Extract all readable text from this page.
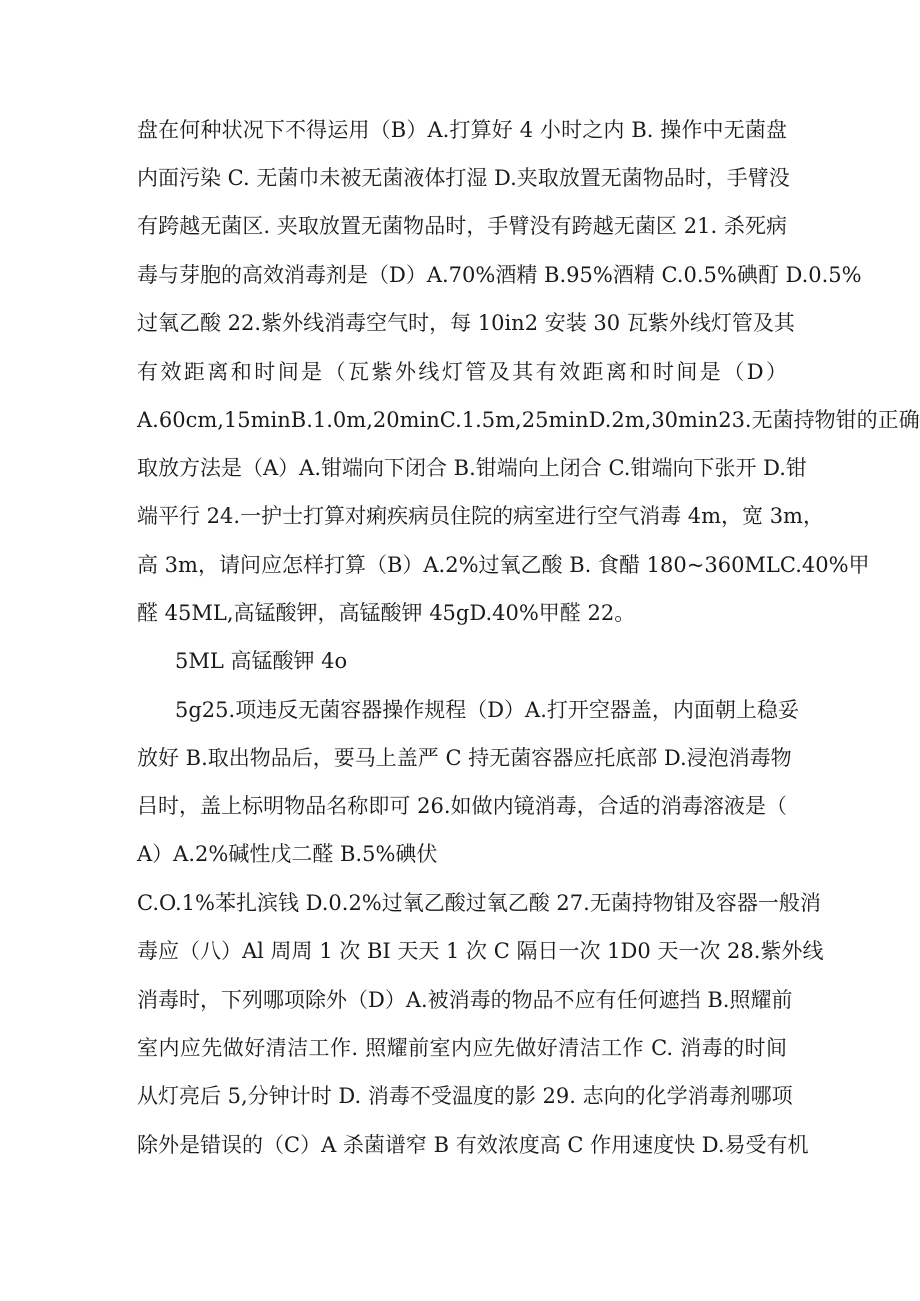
盘在何种状况下不得运用（B）A.打算好 4 小时之内 B. 操作中无菌盘
内面污染 C. 无菌巾未被无菌液体打湿 D.夹取放置无菌物品时，手臂没
有跨越无菌区. 夹取放置无菌物品时，手臂没有跨越无菌区 21. 杀死病
毒与芽胞的高效消毒剂是（D）A.70%酒精 B.95%酒精 C.0.5%碘酊 D.0.5%
过氧乙酸 22.紫外线消毒空气时，每 10in2 安装 30 瓦紫外线灯管及其
有效距离和时间是（瓦紫外线灯管及其有效距离和时间是（D）
A.60cm,15minB.1.0m,20minC.1.5m,25minD.2m,30min23.无菌持物钳的正确
取放方法是（A）A.钳端向下闭合 B.钳端向上闭合 C.钳端向下张开 D.钳
端平行 24.一护士打算对痢疾病员住院的病室进行空气消毒 4m，宽 3m，
高 3m，请问应怎样打算（B）A.2%过氧乙酸 B. 食醋 180~360MLC.40%甲
醛 45ML,高锰酸钾，高锰酸钾 45gD.40%甲醛 22。
5ML 高锰酸钾 4o
5g25.项违反无菌容器操作规程（D）A.打开空器盖，内面朝上稳妥
放好 B.取出物品后，要马上盖严 C 持无菌容器应托底部 D.浸泡消毒物
吕时，盖上标明物品名称即可 26.如做内镜消毒，合适的消毒溶液是（
A）A.2%碱性戊二醛 B.5%碘伏
C.O.1%苯扎滨钱 D.0.2%过氧乙酸过氧乙酸 27.无菌持物钳及容器一般消
毒应（八）Al 周周 1 次 BI 天天 1 次 C 隔日一次 1D0 天一次 28.紫外线
消毒时，下列哪项除外（D）A.被消毒的物品不应有任何遮挡 B.照耀前
室内应先做好清洁工作. 照耀前室内应先做好清洁工作 C. 消毒的时间
从灯亮后 5,分钟计时 D. 消毒不受温度的影 29. 志向的化学消毒剂哪项
除外是错误的（C）A 杀菌谱窄 B 有效浓度高 C 作用速度快 D.易受有机
